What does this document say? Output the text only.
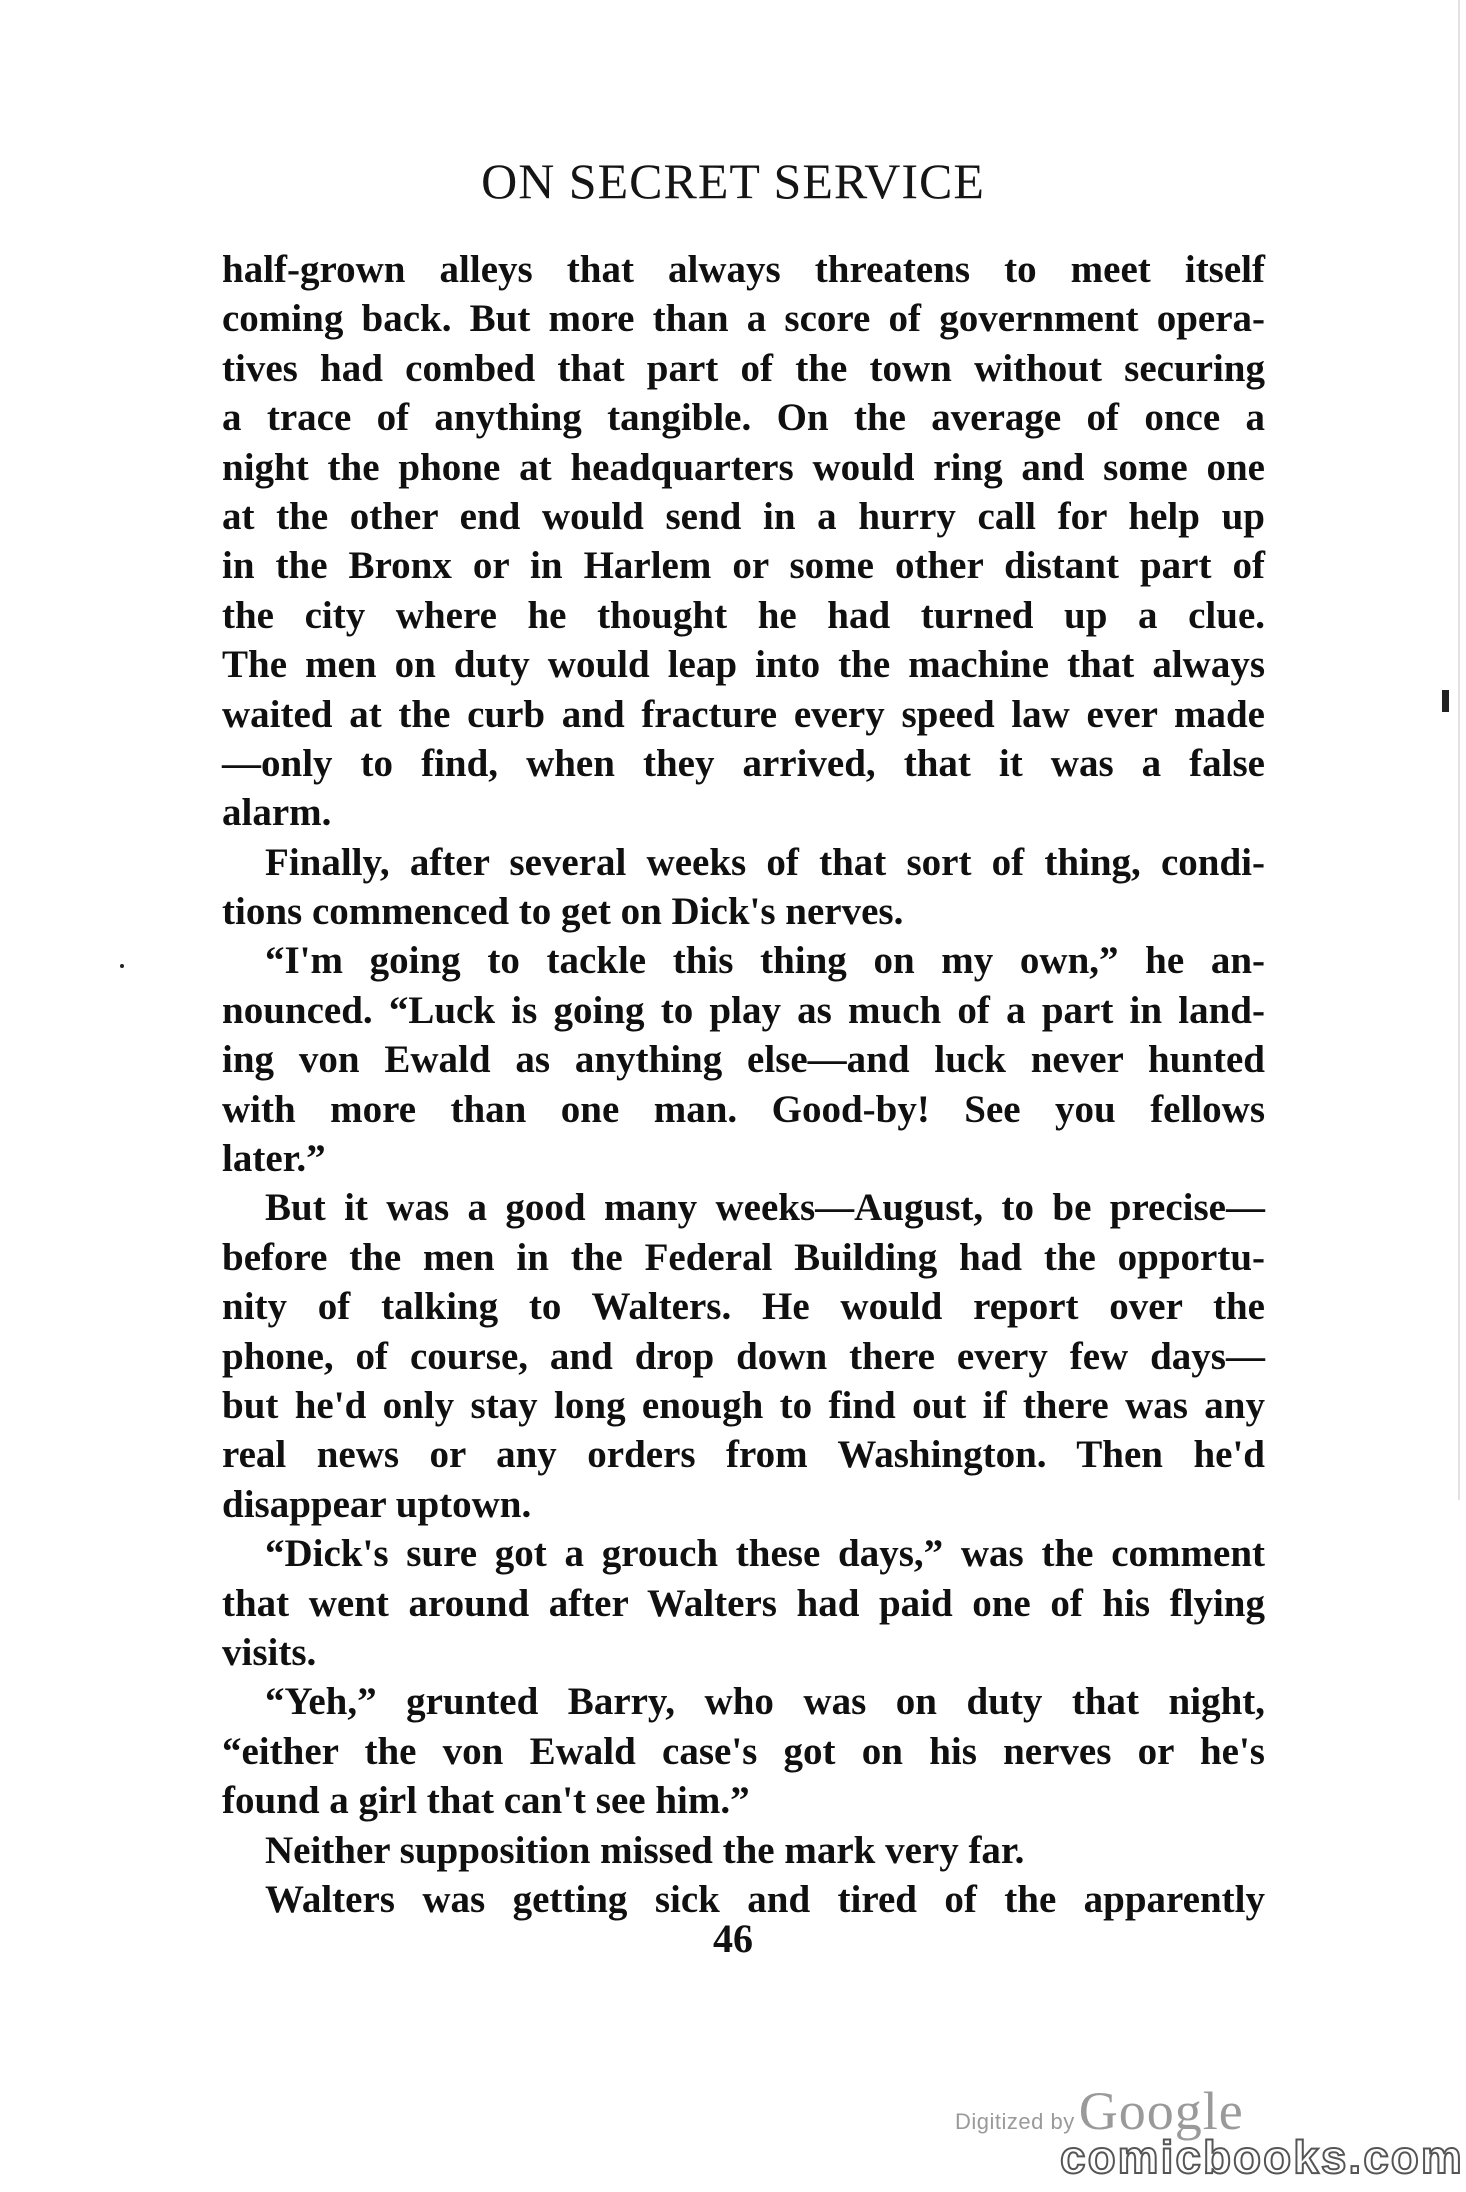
ON SECRET SERVICE
half-grown alleys that always threatens to meet itself
coming back. But more than a score of government opera-
tives had combed that part of the town without securing
a trace of anything tangible. On the average of once a
night the phone at headquarters would ring and some one
at the other end would send in a hurry call for help up
in the Bronx or in Harlem or some other distant part of
the city where he thought he had turned up a clue.
The men on duty would leap into the machine that always
waited at the curb and fracture every speed law ever made
—only to find, when they arrived, that it was a false
alarm.
Finally, after several weeks of that sort of thing, condi-
tions commenced to get on Dick's nerves.
“I'm going to tackle this thing on my own,” he an-
nounced. “Luck is going to play as much of a part in land-
ing von Ewald as anything else—and luck never hunted
with more than one man. Good-by! See you fellows
later.”
But it was a good many weeks—August, to be precise—
before the men in the Federal Building had the opportu-
nity of talking to Walters. He would report over the
phone, of course, and drop down there every few days—
but he'd only stay long enough to find out if there was any
real news or any orders from Washington. Then he'd
disappear uptown.
“Dick's sure got a grouch these days,” was the comment
that went around after Walters had paid one of his flying
visits.
“Yeh,” grunted Barry, who was on duty that night,
“either the von Ewald case's got on his nerves or he's
found a girl that can't see him.”
Neither supposition missed the mark very far.
Walters was getting sick and tired of the apparently
46
Digitized by Google
comicbooks.com
